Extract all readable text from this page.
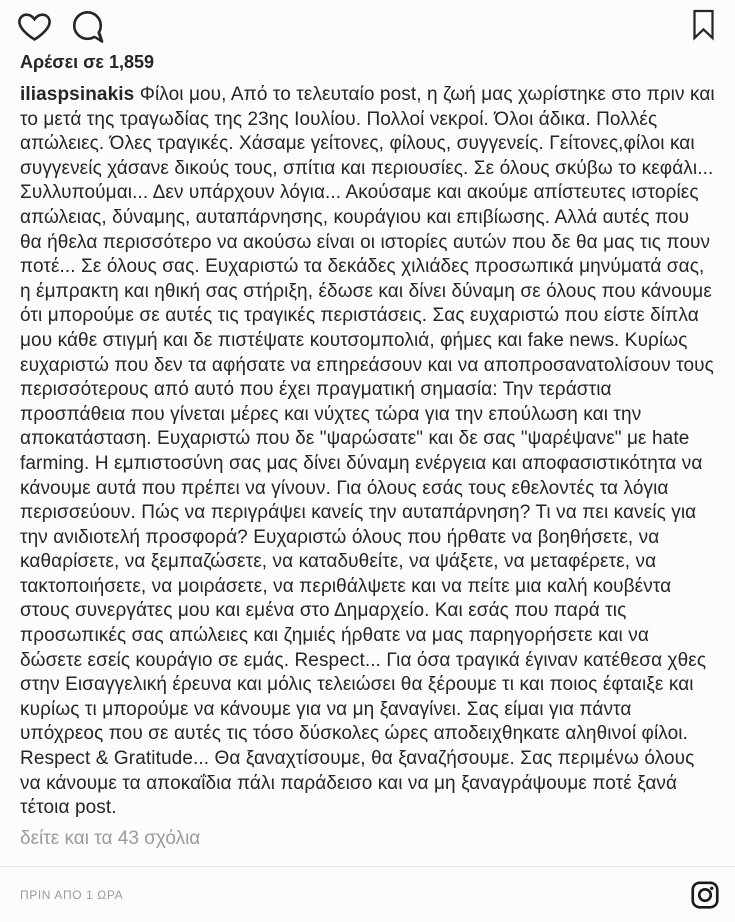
Αρέσει σε 1,859

iliaspsinakis Φίλοι μου, Από το τελευταίο post, η ζωή μας χωρίστηκε στο πριν και το μετά της τραγωδίας της 23ης Ιουλίου. Πολλοί νεκροί. Όλοι άδικα. Πολλές απώλειες. Όλες τραγικές. Χάσαμε γείτονες, φίλους, συγγενείς. Γείτονες,φίλοι και συγγενείς χάσανε δικούς τους, σπίτια και περιουσίες. Σε όλους σκύβω το κεφάλι... Συλλυπούμαι... Δεν υπάρχουν λόγια... Ακούσαμε και ακούμε απίστευτες ιστορίες απώλειας, δύναμης, αυταπάρνησης, κουράγιου και επιβίωσης. Αλλά αυτές που θα ήθελα περισσότερο να ακούσω είναι οι ιστορίες αυτών που δε θα μας τις πουν ποτέ... Σε όλους σας. Ευχαριστώ τα δεκάδες χιλιάδες προσωπικά μηνύματά σας, η έμπρακτη και ηθική σας στήριξη, έδωσε και δίνει δύναμη σε όλους που κάνουμε ότι μπορούμε σε αυτές τις τραγικές περιστάσεις. Σας ευχαριστώ που είστε δίπλα μου κάθε στιγμή και δε πιστέψατε κουτσομπολιά, φήμες και fake news. Κυρίως ευχαριστώ που δεν τα αφήσατε να επηρεάσουν και να αποπροσανατολίσουν τους περισσότερους από αυτό που έχει πραγματική σημασία: Την τεράστια προσπάθεια που γίνεται μέρες και νύχτες τώρα για την επούλωση και την αποκατάσταση. Ευχαριστώ που δε "ψαρώσατε" και δε σας "ψαρέψανε" με hate farming. Η εμπιστοσύνη σας μας δίνει δύναμη ενέργεια και αποφασιστικότητα να κάνουμε αυτά που πρέπει να γίνουν. Για όλους εσάς τους εθελοντές τα λόγια περισσεύουν. Πώς να περιγράψει κανείς την αυταπάρνηση? Τι να πει κανείς για την ανιδιοτελή προσφορά? Ευχαριστώ όλους που ήρθατε να βοηθήσετε, να καθαρίσετε, να ξεμπαζώσετε, να καταδυθείτε, να ψάξετε, να μεταφέρετε, να τακτοποιήσετε, να μοιράσετε, να περιθάλψετε και να πείτε μια καλή κουβέντα στους συνεργάτες μου και εμένα στο Δημαρχείο. Και εσάς που παρά τις προσωπικές σας απώλειες και ζημιές ήρθατε να μας παρηγορήσετε και να δώσετε εσείς κουράγιο σε εμάς. Respect... Για όσα τραγικά έγιναν κατέθεσα χθες στην Εισαγγελική έρευνα και μόλις τελειώσει θα ξέρουμε τι και ποιος έφταιξε και κυρίως τι μπορούμε να κάνουμε για να μη ξαναγίνει. Σας είμαι για πάντα υπόχρεος που σε αυτές τις τόσο δύσκολες ώρες αποδειχθηκατε αληθινοί φίλοι. Respect & Gratitude... Θα ξαναχτίσουμε, θα ξαναζήσουμε. Σας περιμένω όλους να κάνουμε τα αποκαΐδια πάλι παράδεισο και να μη ξαναγράψουμε ποτέ ξανά τέτοια post.

δείτε και τα 43 σχόλια
ΠΡΙΝ ΑΠΟ 1 ΩΡΑ
